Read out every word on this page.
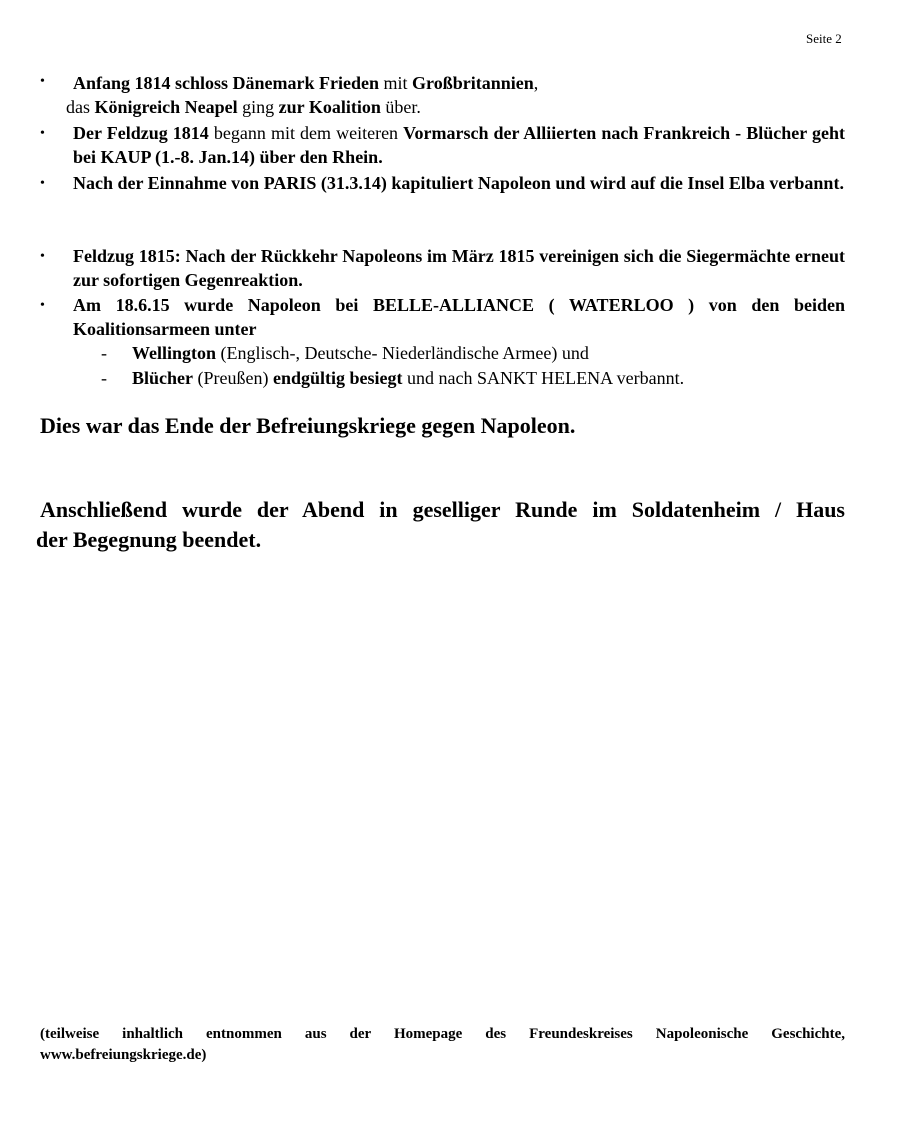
Seite 2
• Anfang 1814 schloss Dänemark Frieden mit Großbritannien,

das Königreich Neapel ging zur Koalition über.

• Der Feldzug 1814 begann mit dem weiteren Vormarsch der Alliierten nach Frankreich - Blücher geht bei KAUP (1.-8. Jan.14) über den Rhein.

• Nach der Einnahme von PARIS (31.3.14) kapituliert Napoleon und wird auf die Insel Elba verbannt.

• Feldzug 1815: Nach der Rückkehr Napoleons im März 1815 vereinigen sich die Siegermächte erneut zur sofortigen Gegenreaktion.

• Am 18.6.15 wurde Napoleon bei BELLE-ALLIANCE ( WATERLOO ) von den beiden Koalitionsarmeen unter

- Wellington (Englisch-, Deutsche- Niederländische Armee) und
- Blücher (Preußen) endgültig besiegt und nach SANKT HELENA verbannt.

Dies war das Ende der Befreiungskriege gegen Napoleon.

Anschließend wurde der Abend in geselliger Runde im Soldatenheim / Haus
der Begegnung beendet.
(teilweise inhaltlich entnommen aus der Homepage des Freundeskreises Napoleonische Geschichte,
www.befreiungskriege.de)
